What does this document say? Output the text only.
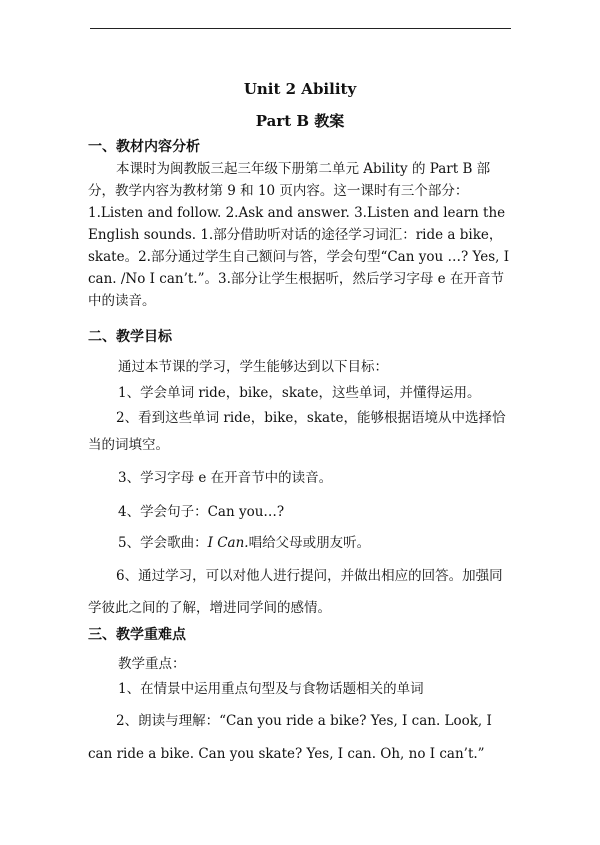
Unit 2 Ability
Part B 教案
一、教材内容分析

本课时为闽教版三起三年级下册第二单元 Ability 的 Part B 部分，教学内容为教材第 9 和 10 页内容。这一课时有三个部分：1.Listen and follow. 2.Ask and answer. 3.Listen and learn the English sounds. 1.部分借助听对话的途径学习词汇：ride a bike，skate。2.部分通过学生自己额问与答，学会句型“Can you …? Yes, I can. /No I can’t.”。3.部分让学生根据听，然后学习字母 e 在开音节中的读音。

二、教学目标

通过本节课的学习，学生能够达到以下目标：

1、学会单词 ride，bike，skate，这些单词，并懂得运用。

2、看到这些单词 ride，bike，skate，能够根据语境从中选择恰当的词填空。

3、学习字母 e 在开音节中的读音。

4、学会句子：Can you…?

5、学会歌曲：I Can.唱给父母或朋友听。

6、通过学习，可以对他人进行提问，并做出相应的回答。加强同学彼此之间的了解，增进同学间的感情。

三、教学重难点

教学重点：

1、在情景中运用重点句型及与食物话题相关的单词

2、朗读与理解：“Can you ride a bike? Yes, I can. Look, I can ride a bike. Can you skate? Yes, I can. Oh, no I can’t.”
